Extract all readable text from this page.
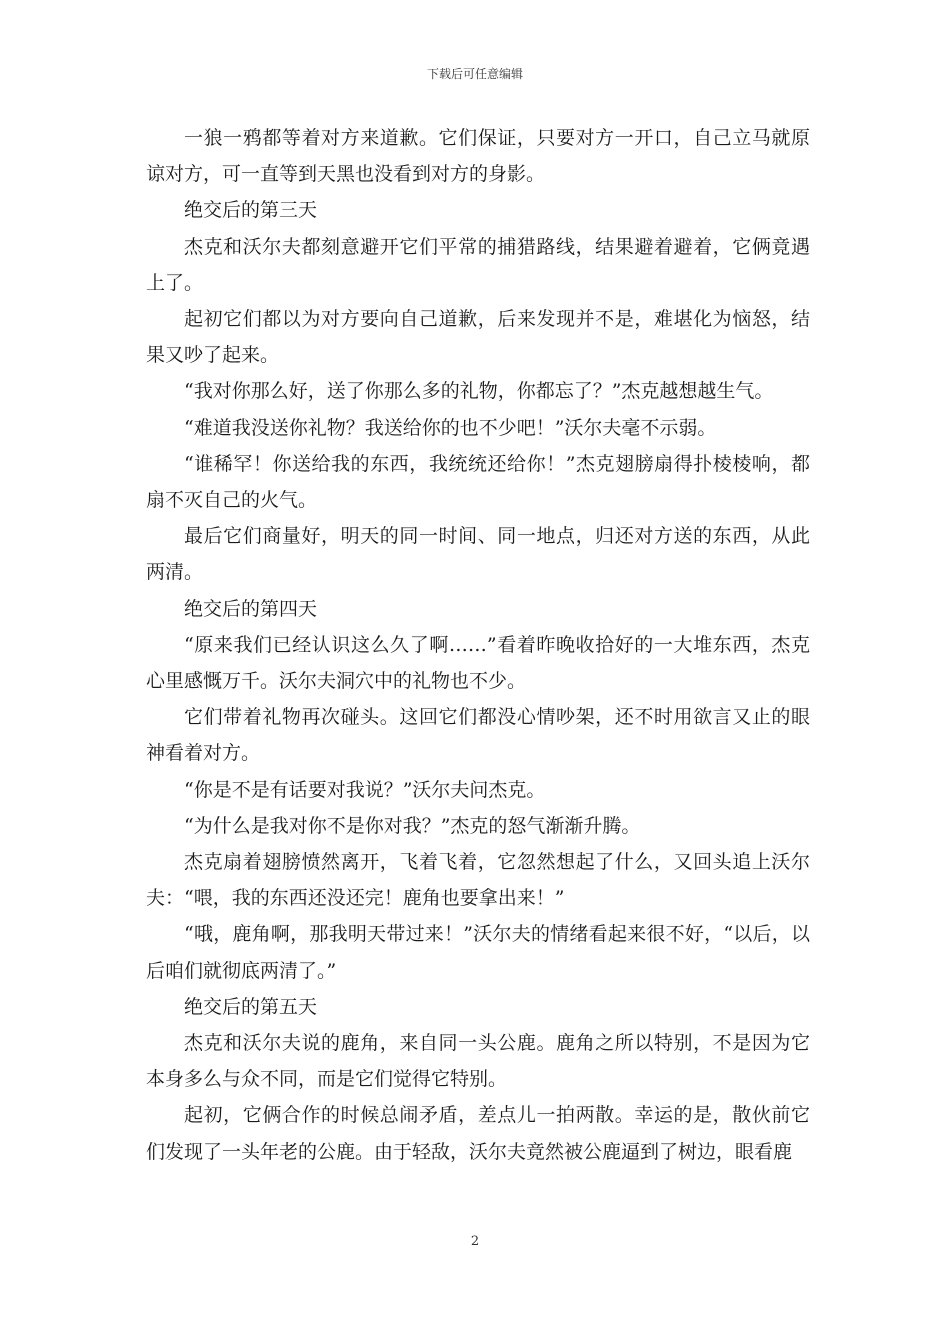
下载后可任意编辑

一狼一鸦都等着对方来道歉。它们保证，只要对方一开口，自己立马就原谅对方，可一直等到天黑也没看到对方的身影。

绝交后的第三天

杰克和沃尔夫都刻意避开它们平常的捕猎路线，结果避着避着，它俩竟遇上了。

起初它们都以为对方要向自己道歉，后来发现并不是，难堪化为恼怒，结果又吵了起来。

“我对你那么好，送了你那么多的礼物，你都忘了？”杰克越想越生气。

“难道我没送你礼物？我送给你的也不少吧！”沃尔夫毫不示弱。

“谁稀罕！你送给我的东西，我统统还给你！”杰克翅膀扇得扑棱棱响，都扇不灭自己的火气。

最后它们商量好，明天的同一时间、同一地点，归还对方送的东西，从此两清。

绝交后的第四天

“原来我们已经认识这么久了啊……”看着昨晚收拾好的一大堆东西，杰克心里感慨万千。沃尔夫洞穴中的礼物也不少。

它们带着礼物再次碰头。这回它们都没心情吵架，还不时用欲言又止的眼神看着对方。

“你是不是有话要对我说？”沃尔夫问杰克。

“为什么是我对你不是你对我？”杰克的怒气渐渐升腾。

杰克扇着翅膀愤然离开，飞着飞着，它忽然想起了什么，又回头追上沃尔夫：“喂，我的东西还没还完！鹿角也要拿出来！”

“哦，鹿角啊，那我明天带过来！”沃尔夫的情绪看起来很不好，“以后，以后咱们就彻底两清了。”

绝交后的第五天

杰克和沃尔夫说的鹿角，来自同一头公鹿。鹿角之所以特别，不是因为它本身多么与众不同，而是它们觉得它特别。

起初，它俩合作的时候总闹矛盾，差点儿一拍两散。幸运的是，散伙前它们发现了一头年老的公鹿。由于轻敌，沃尔夫竟然被公鹿逼到了树边，眼看鹿

2
